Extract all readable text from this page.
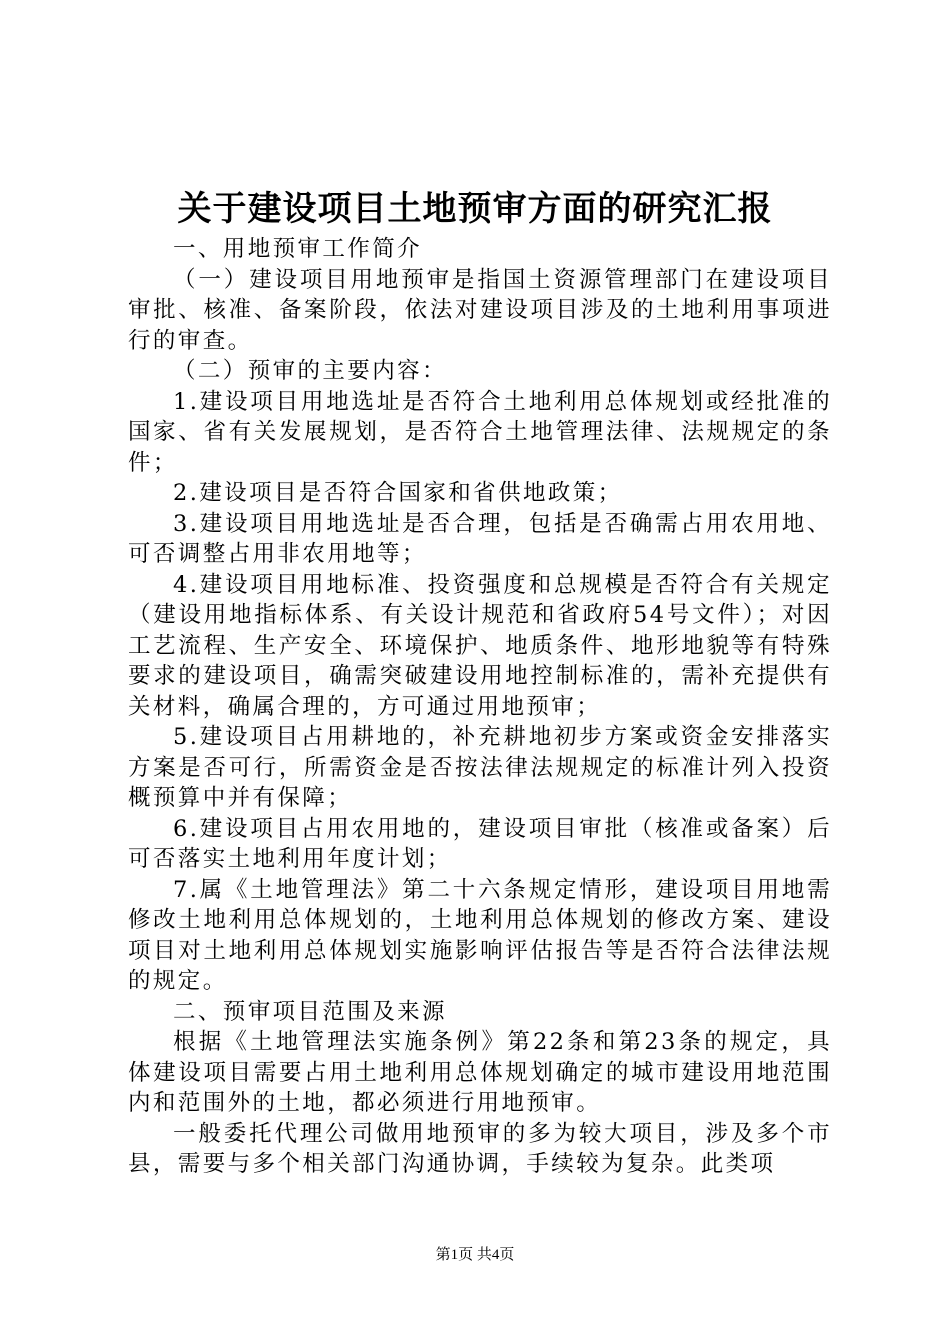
关于建设项目土地预审方面的研究汇报

一、用地预审工作简介

（一）建设项目用地预审是指国土资源管理部门在建设项目审批、核准、备案阶段，依法对建设项目涉及的土地利用事项进行的审查。

（二）预审的主要内容：

1.建设项目用地选址是否符合土地利用总体规划或经批准的国家、省有关发展规划，是否符合土地管理法律、法规规定的条件；

2.建设项目是否符合国家和省供地政策；

3.建设项目用地选址是否合理，包括是否确需占用农用地、可否调整占用非农用地等；

4.建设项目用地标准、投资强度和总规模是否符合有关规定（建设用地指标体系、有关设计规范和省政府54号文件）；对因工艺流程、生产安全、环境保护、地质条件、地形地貌等有特殊要求的建设项目，确需突破建设用地控制标准的，需补充提供有关材料，确属合理的，方可通过用地预审；

5.建设项目占用耕地的，补充耕地初步方案或资金安排落实方案是否可行，所需资金是否按法律法规规定的标准计列入投资概预算中并有保障；

6.建设项目占用农用地的，建设项目审批（核准或备案）后可否落实土地利用年度计划；

7.属《土地管理法》第二十六条规定情形，建设项目用地需修改土地利用总体规划的，土地利用总体规划的修改方案、建设项目对土地利用总体规划实施影响评估报告等是否符合法律法规的规定。

二、预审项目范围及来源

根据《土地管理法实施条例》第22条和第23条的规定，具体建设项目需要占用土地利用总体规划确定的城市建设用地范围内和范围外的土地，都必须进行用地预审。

一般委托代理公司做用地预审的多为较大项目，涉及多个市县，需要与多个相关部门沟通协调，手续较为复杂。此类项

第1页 共4页
